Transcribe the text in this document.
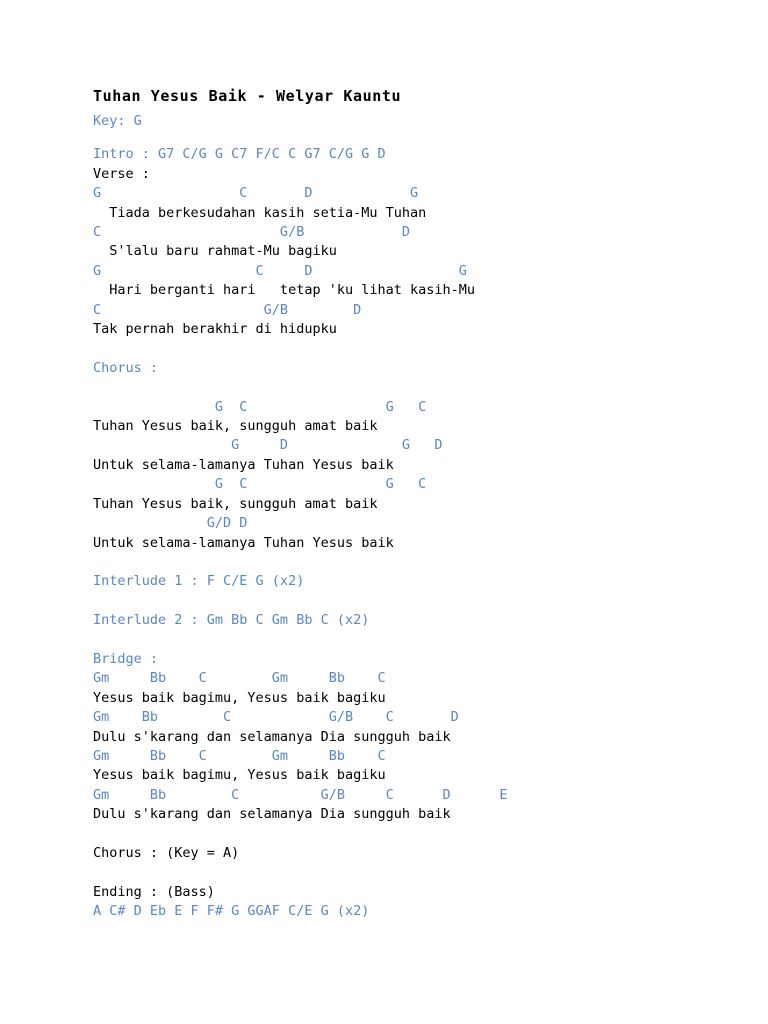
Tuhan Yesus Baik - Welyar Kauntu
Key: G
Intro : G7 C/G G C7 F/C C G7 C/G G D
Verse :
G                 C       D            G
Tiada berkesudahan kasih setia-Mu Tuhan
C                      G/B            D
S'lalu baru rahmat-Mu bagiku
G                   C     D                  G
Hari berganti hari   tetap 'ku lihat kasih-Mu
C                    G/B        D
Tak pernah berakhir di hidupku

Chorus :

G  C                 G   C
Tuhan Yesus baik, sungguh amat baik
G     D              G   D
Untuk selama-lamanya Tuhan Yesus baik
G  C                 G   C
Tuhan Yesus baik, sungguh amat baik
G/D D
Untuk selama-lamanya Tuhan Yesus baik

Interlude 1 : F C/E G (x2)

Interlude 2 : Gm Bb C Gm Bb C (x2)

Bridge :
Gm     Bb    C        Gm     Bb    C
Yesus baik bagimu, Yesus baik bagiku
Gm    Bb        C            G/B    C       D
Dulu s'karang dan selamanya Dia sungguh baik
Gm     Bb    C        Gm     Bb    C
Yesus baik bagimu, Yesus baik bagiku
Gm     Bb        C          G/B     C      D      E
Dulu s'karang dan selamanya Dia sungguh baik

Chorus : (Key = A)

Ending : (Bass)
A C# D Eb E F F# G GGAF C/E G (x2)
